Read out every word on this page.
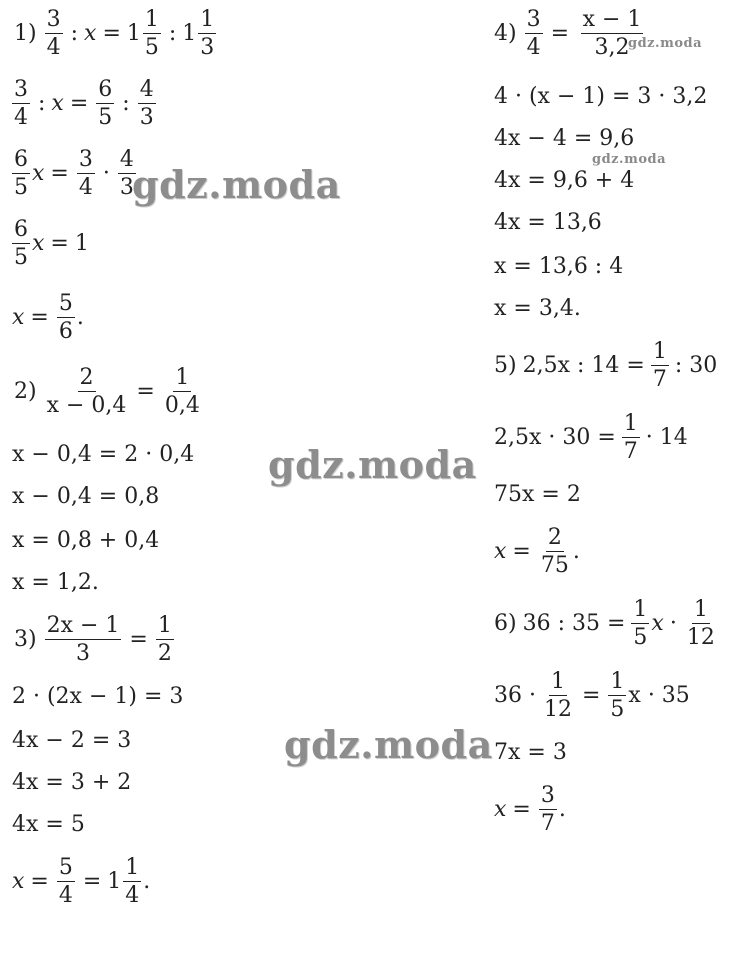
1)
3
4
: x = 1
1
5
: 1
1
3
3
4
: $x = \frac{6}{5}$ :
4
3
6
5
$x = \frac{3}{4}$ ·
4
3
6
5
x = 1
$x = \frac{5}{6}$ .
$2) \frac{2}{x - 0,4} = \frac{1}{0,4}$
x − 0,4 = 2 · 0,4
x − 0,4 = 0,8
x = 0,8 + 0,4
x = 1,2.
$3) \frac{2x - 1}{3} = \frac{1}{2}$
2 · (2x − 1) = 3
4x − 2 = 3
4x = 3 + 2
4x = 5
$x = \frac{5}{4} = 1$
1
4
.
$4) \frac{3}{4} = \frac{x - 1}{3,2}$
4 · (x − 1) = 3 · 3,2
4x − 4 = 9,6
4x = 9,6 + 4
4x = 13,6
x = 13,6 : 4
x = 3,4.
5) 2,5x : $14 = \frac{1}{7}$ : 30
$2,5x \cdot 30 = \frac{1}{7} \cdot 14$
75x = 2
$x = \frac{2}{75}$ .
6) 36 : $35 = \frac{1}{5}$ x ·
1
12
$36 \cdot \frac{1}{12} = \frac{1}{5}$ x · 35
7x = 3
$x = \frac{3}{7}$ .
gdz.moda
gdz.moda
gdz.moda
gdz.moda
gdz.moda
